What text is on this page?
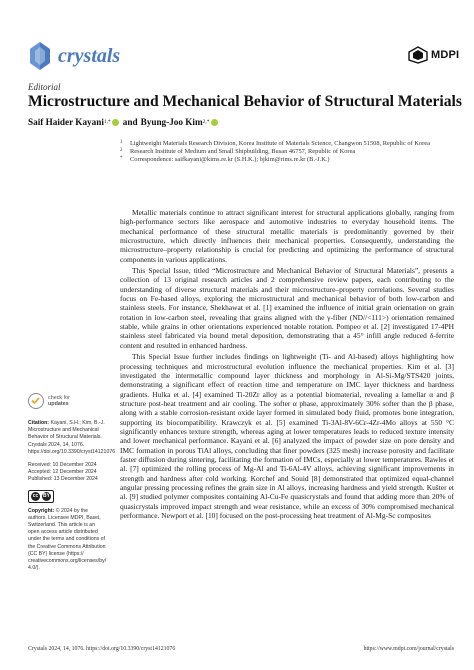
crystals	MDPI
Editorial
Microstructure and Mechanical Behavior of Structural Materials
Saif Haider Kayani 1,* and Byung-Joo Kim 2,*
1	Lightweight Materials Research Division, Korea Institute of Materials Science, Changwon 51508, Republic of Korea
2	Research Institute of Medium and Small Shipbuilding, Busan 46757, Republic of Korea
*	Correspondence: saifkayani@kims.re.kr (S.H.K.); bjkim@rims.re.kr (B.-J.K.)

Metallic materials continue to attract significant interest for structural applications globally, ranging from high-performance sectors like aerospace and automotive industries to everyday household items. The mechanical performance of these structural metallic materials is predominantly governed by their microstructure, which directly influences their mechanical properties. Consequently, understanding the microstructure–property relationship is crucial for predicting and optimizing the performance of structural components in various applications.

This Special Issue, titled “Microstructure and Mechanical Behavior of Structural Materials”, presents a collection of 13 original research articles and 2 comprehensive review papers, each contributing to the understanding of diverse structural materials and their microstructure–property correlations. Several studies focus on Fe-based alloys, exploring the microstructural and mechanical behavior of both low-carbon and stainless steels. For instance, Shekhawat et al. [1] examined the influence of initial grain orientation on grain rotation in low-carbon steel, revealing that grains aligned with the γ-fiber (ND//<111>) orientation remained stable, while grains in other orientations experienced notable rotation. Pompeo et al. [2] investigated 17-4PH stainless steel fabricated via bound metal deposition, demonstrating that a 45° infill angle reduced δ-ferrite content and resulted in enhanced hardness.

This Special Issue further includes findings on lightweight (Ti- and Al-based) alloys highlighting how processing techniques and microstructural evolution influence the mechanical properties. Kim et al. [3] investigated the intermetallic compound layer thickness and morphology in Al-Si-Mg/STS420 joints, demonstrating a significant effect of reaction time and temperature on IMC layer thickness and hardness gradients. Hulka et al. [4] examined Ti-20Zr alloy as a potential biomaterial, revealing a lamellar α and β structure post-heat treatment and air cooling. The softer α phase, approximately 30% softer than the β phase, along with a stable corrosion-resistant oxide layer formed in simulated body fluid, promotes bone integration, supporting its biocompatibility. Krawczyk et al. [5] examined Ti-3Al-8V-6Cr-4Zr-4Mo alloys at 550 °C significantly enhances texture strength, whereas aging at lower temperatures leads to reduced texture intensity and lower mechanical performance. Kayani et al. [6] analyzed the impact of powder size on pore density and IMC formation in porous TiAl alloys, concluding that finer powders (325 mesh) increase porosity and facilitate faster diffusion during sintering, facilitating the formation of IMCs, especially at lower temperatures. Rawles et al. [7] optimized the rolling process of Mg-Al and Ti-6Al-4V alloys, achieving significant improvements in strength and hardness after cold working. Korchef and Souid [8] demonstrated that optimized equal-channel angular pressing processing refines the grain size in Al alloys, increasing hardness and yield strength. Kušter et al. [9] studied polymer composites containing Al-Cu-Fe quasicrystals and found that adding more than 20% of quasicrystals improved impact strength and wear resistance, while an excess of 30% compromised mechanical performance. Newport et al. [10] focused on the post-processing heat treatment of Al-Mg-Sc composites

check for
updates
Citation: Kayani, S.H.; Kim, B.-J. Microstructure and Mechanical Behavior of Structural Materials. Crystals 2024, 14, 1076. https://doi.org/10.3390/cryst14121076
Received: 10 December 2024
Accepted: 12 December 2024
Published: 13 December 2024
cc BY
Copyright: © 2024 by the authors. Licensee MDPI, Basel, Switzerland. This article is an open access article distributed under the terms and conditions of the Creative Commons Attribution (CC BY) license (https:// creativecommons.org/licenses/by/ 4.0/).
Crystals 2024, 14, 1076. https://doi.org/10.3390/cryst14121076	https://www.mdpi.com/journal/crystals
